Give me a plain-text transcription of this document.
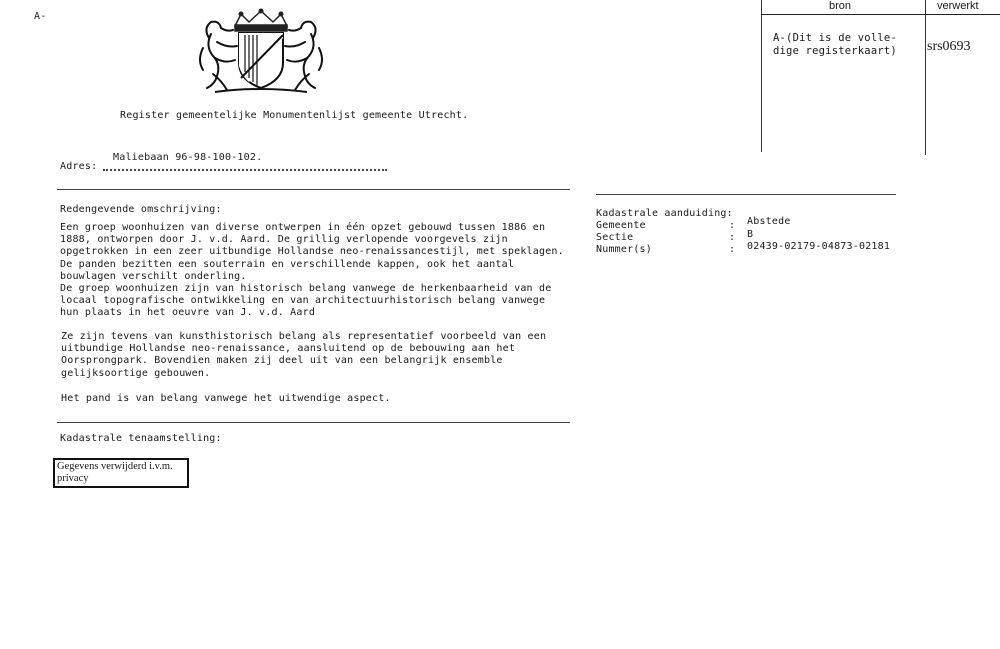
A-
Register gemeentelijke Monumentenlijst gemeente Utrecht.
Maliebaan 96-98-100-102.
Adres:
bron	verwerkt
A-(Dit is de volle-
dige registerkaart) srs0693
Redengevende omschrijving:
Een groep woonhuizen van diverse ontwerpen in één opzet gebouwd tussen 1886 en
1888, ontworpen door J. v.d. Aard. De grillig verlopende voorgevels zijn
opgetrokken in een zeer uitbundige Hollandse neo-renaissancestijl, met speklagen.
De panden bezitten een souterrain en verschillende kappen, ook het aantal
bouwlagen verschilt onderling.
De groep woonhuizen zijn van historisch belang vanwege de herkenbaarheid van de
locaal topografische ontwikkeling en van architectuurhistorisch belang vanwege
hun plaats in het oeuvre van J. v.d. Aard
Ze zijn tevens van kunsthistorisch belang als representatief voorbeeld van een
uitbundige Hollandse neo-renaissance, aansluitend op de bebouwing aan het
Oorsprongpark. Bovendien maken zij deel uit van een belangrijk ensemble
gelijksoortige gebouwen.
Het pand is van belang vanwege het uitwendige aspect.
Kadastrale aanduiding:
Gemeente	: Abstede
Sectie	: B
Nummer(s)	: 02439-02179-04873-02181
Kadastrale tenaamstelling:
Gegevens verwijderd i.v.m.
privacy
